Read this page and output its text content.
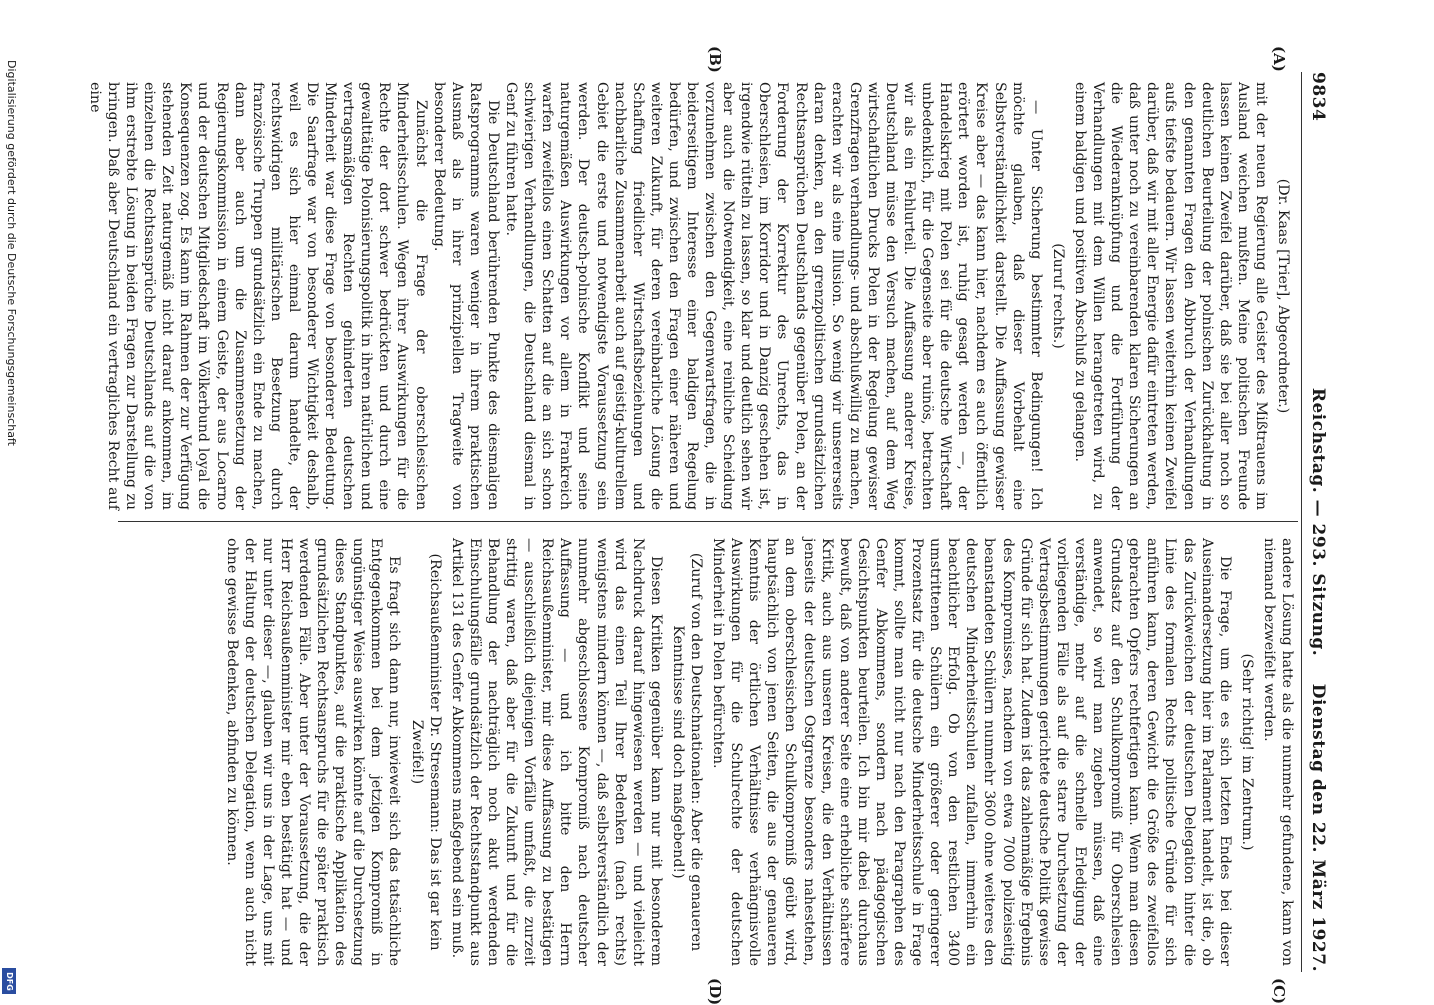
9834
Reichstag. — 293. Sitzung.
Dienstag den 22. März 1927.
(A)
(B)
(C)
(D)

(Dr. Kaas [Trier], Abgeordneter.)

mit der neuen Regierung alle Geister des Mißtrauens im Ausland weichen mußten. Meine politischen Freunde lassen keinen Zweifel darüber, daß sie bei aller noch so deutlichen Beurteilung der polnischen Zurückhaltung in den genannten Fragen den Abbruch der Verhandlungen aufs tiefste bedauern. Wir lassen weiterhin keinen Zweifel darüber, daß wir mit aller Energie dafür eintreten werden, daß unter noch zu vereinbarenden klaren Sicherungen an die Wiederanknüpfung und die Fortführung der Verhandlungen mit dem Willen herangetreten wird, zu einem baldigen und positiven Abschluß zu gelangen.

(Zuruf rechts.)

— Unter Sicherung bestimmter Bedingungen! Ich möchte glauben, daß dieser Vorbehalt eine Selbstverständlichkeit darstellt. Die Auffassung gewisser Kreise aber — das kann hier, nachdem es auch öffentlich erörtert worden ist, ruhig gesagt werden —, der Handelskrieg mit Polen sei für die deutsche Wirtschaft unbedenklich, für die Gegenseite aber ruinös, betrachten wir als ein Fehlurteil. Die Auffassung anderer Kreise, Deutschland müsse den Versuch machen, auf dem Weg wirtschaftlichen Drucks Polen in der Regelung gewisser Grenzfragen verhandlungs- und abschlußwillig zu machen, erachten wir als eine Illusion. So wenig wir unsererseits daran denken, an den grenzpolitischen grundsätzlichen Rechtsansprüchen Deutschlands gegenüber Polen, an der Forderung der Korrektur des Unrechts, das in Oberschlesien, im Korridor und in Danzig geschehen ist, irgendwie rütteln zu lassen, so klar und deutlich sehen wir aber auch die Notwendigkeit, eine reinliche Scheidung vorzunehmen zwischen den Gegenwartsfragen, die in beiderseitigem Interesse einer baldigen Regelung bedürfen, und zwischen den Fragen einer näheren und weiteren Zukunft, für deren vereinbarliche Lösung die Schaffung friedlicher Wirtschaftsbeziehungen und nachbarliche Zusammenarbeit auch auf geistig-kulturellem Gebiet die erste und notwendigste Voraussetzung sein werden. Der deutsch-polnische Konflikt und seine naturgemäßen Auswirkungen vor allem in Frankreich warfen zweifellos einen Schatten auf die an sich schon schwierigen Verhandlungen, die Deutschland diesmal in Genf zu führen hatte.

Die Deutschland berührenden Punkte des diesmaligen Ratsprogramms waren weniger in ihrem praktischen Ausmaß als in ihrer prinzipiellen Tragweite von besonderer Bedeutung.

Zunächst die Frage der oberschlesischen Minderheitsschulen. Wegen ihrer Auswirkungen für die Rechte der dort schwer bedrückten und durch eine gewalttätige Polonisierungspolitik in ihren natürlichen und vertragsmäßigen Rechten gehinderten deutschen Minderheit war diese Frage von besonderer Bedeutung. Die Saarfrage war von besonderer Wichtigkeit deshalb, weil es sich hier einmal darum handelte, der rechtswidrigen militärischen Besetzung durch französische Truppen grundsätzlich ein Ende zu machen, dann aber auch um die Zusammensetzung der Regierungskommission in einem Geiste, der aus Locarno und der deutschen Mitgliedschaft im Völkerbund loyal die Konsequenzen zog. Es kann im Rahmen der zur Verfügung stehenden Zeit naturgemäß nicht darauf ankommen, im einzelnen die Rechtsansprüche Deutschlands auf die von ihm erstrebte Lösung in beiden Fragen zur Darstellung zu bringen. Daß aber Deutschland ein vertragliches Recht auf eine

andere Lösung hatte als die nunmehr gefundene, kann von niemand bezweifelt werden.

(Sehr richtig! im Zentrum.)

Die Frage, um die es sich letzten Endes bei dieser Auseinandersetzung hier im Parlament handelt, ist die, ob das Zurückweichen der deutschen Delegation hinter die Linie des formalen Rechts politische Gründe für sich anführen kann, deren Gewicht die Größe des zweifellos gebrachten Opfers rechtfertigen kann. Wenn man diesen Grundsatz auf den Schulkompromiß für Oberschlesien anwendet, so wird man zugeben müssen, daß eine verständige, mehr auf die schnelle Erledigung der vorliegenden Fälle als auf die starre Durchsetzung der Vertragsbestimmungen gerichtete deutsche Politik gewisse Gründe für sich hat. Zudem ist das zahlenmäßige Ergebnis des Kompromisses, nachdem von etwa 7000 polizeiseitig beanstandeten Schülern nunmehr 3600 ohne weiteres den deutschen Minderheitsschulen zufallen, immerhin ein beachtlicher Erfolg. Ob von den restlichen 3400 umstrittenen Schülern ein größerer oder geringerer Prozentsatz für die deutsche Minderheitsschule in Frage kommt, sollte man nicht nur nach den Paragraphen des Genfer Abkommens, sondern nach pädagogischen Gesichtspunkten beurteilen. Ich bin mir dabei durchaus bewußt, daß von anderer Seite eine erhebliche schärfere Kritik, auch aus unseren Kreisen, die den Verhältnissen jenseits der deutschen Ostgrenze besonders nahestehen, an dem oberschlesischen Schulkompromiß geübt wird, hauptsächlich von jenen Seiten, die aus der genaueren Kenntnis der örtlichen Verhältnisse verhängnisvolle Auswirkungen für die Schulrechte der deutschen Minderheit in Polen befürchten.

(Zuruf von den Deutschnationalen: Aber die genaueren Kenntnisse sind doch maßgebend!)

Diesen Kritiken gegenüber kann nur mit besonderem Nachdruck darauf hingewiesen werden — und vielleicht wird das einen Teil Ihrer Bedenken (nach rechts) wenigstens mindern können —, daß selbstverständlich der nunmehr abgeschlossene Kompromiß nach deutscher Auffassung — und ich bitte den Herrn Reichsaußenminister, mir diese Auffassung zu bestätigen — ausschließlich diejenigen Vorfälle umfaßt, die zurzeit strittig waren, daß aber für die Zukunft und für die Behandlung der nachträglich noch akut werdenden Einschulungsfälle grundsätzlich der Rechtsstandpunkt aus Artikel 131 des Genfer Abkommens maßgebend sein muß.

(Reichsaußenminister Dr. Stresemann: Das ist gar kein Zweifel!)

Es fragt sich dann nur, inwieweit sich das tatsächliche Entgegenkommen bei dem jetzigen Kompromiß in ungünstiger Weise auswirken könnte auf die Durchsetzung dieses Standpunktes, auf die praktische Applikation des grundsätzlichen Rechtsanspruchs für die später praktisch werdenden Fälle. Aber unter der Voraussetzung, die der Herr Reichsaußenminister mir eben bestätigt hat — und nur unter dieser —, glauben wir uns in der Lage, uns mit der Haltung der deutschen Delegation, wenn auch nicht ohne gewisse Bedenken, abfinden zu können.

Digitalisierung gefördert durch die Deutsche Forschungsgemeinschaft
DFG
